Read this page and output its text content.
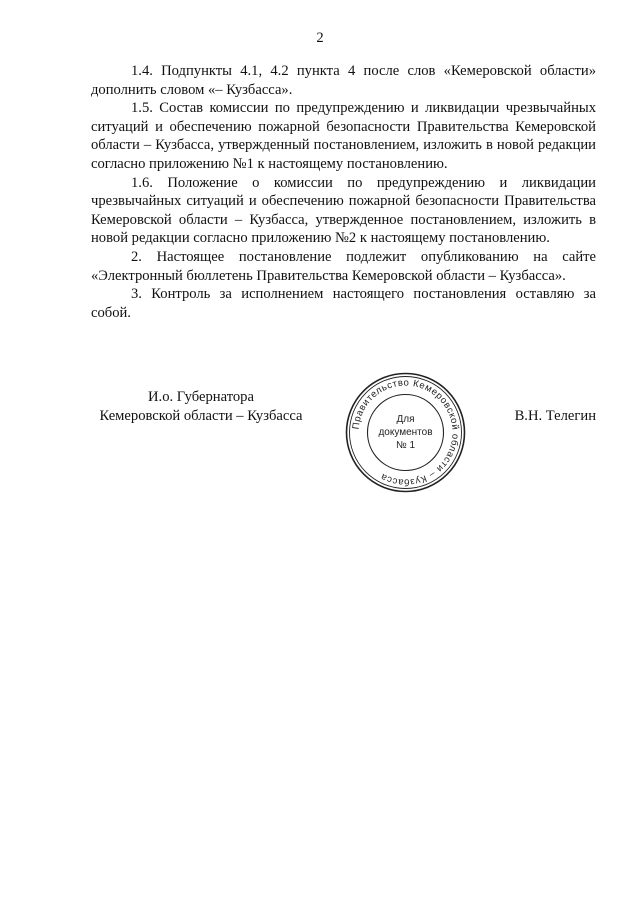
2

1.4. Подпункты 4.1, 4.2 пункта 4 после слов «Кемеровской области» дополнить словом «– Кузбасса».

1.5. Состав комиссии по предупреждению и ликвидации чрезвычайных ситуаций и обеспечению пожарной безопасности Правительства Кемеровской области – Кузбасса, утвержденный постановлением, изложить в новой редакции согласно приложению №1 к настоящему постановлению.

1.6. Положение о комиссии по предупреждению и ликвидации чрезвычайных ситуаций и обеспечению пожарной безопасности Правительства Кемеровской области – Кузбасса, утвержденное постановлением, изложить в новой редакции согласно приложению №2 к настоящему постановлению.

2. Настоящее постановление подлежит опубликованию на сайте «Электронный бюллетень Правительства Кемеровской области – Кузбасса».

3. Контроль за исполнением настоящего постановления оставляю за собой.

И.о. Губернатора
Кемеровской области – Кузбасса
Правительство Кемеровской области – Кузбасса
Для
документов
№ 1
В.Н. Телегин
